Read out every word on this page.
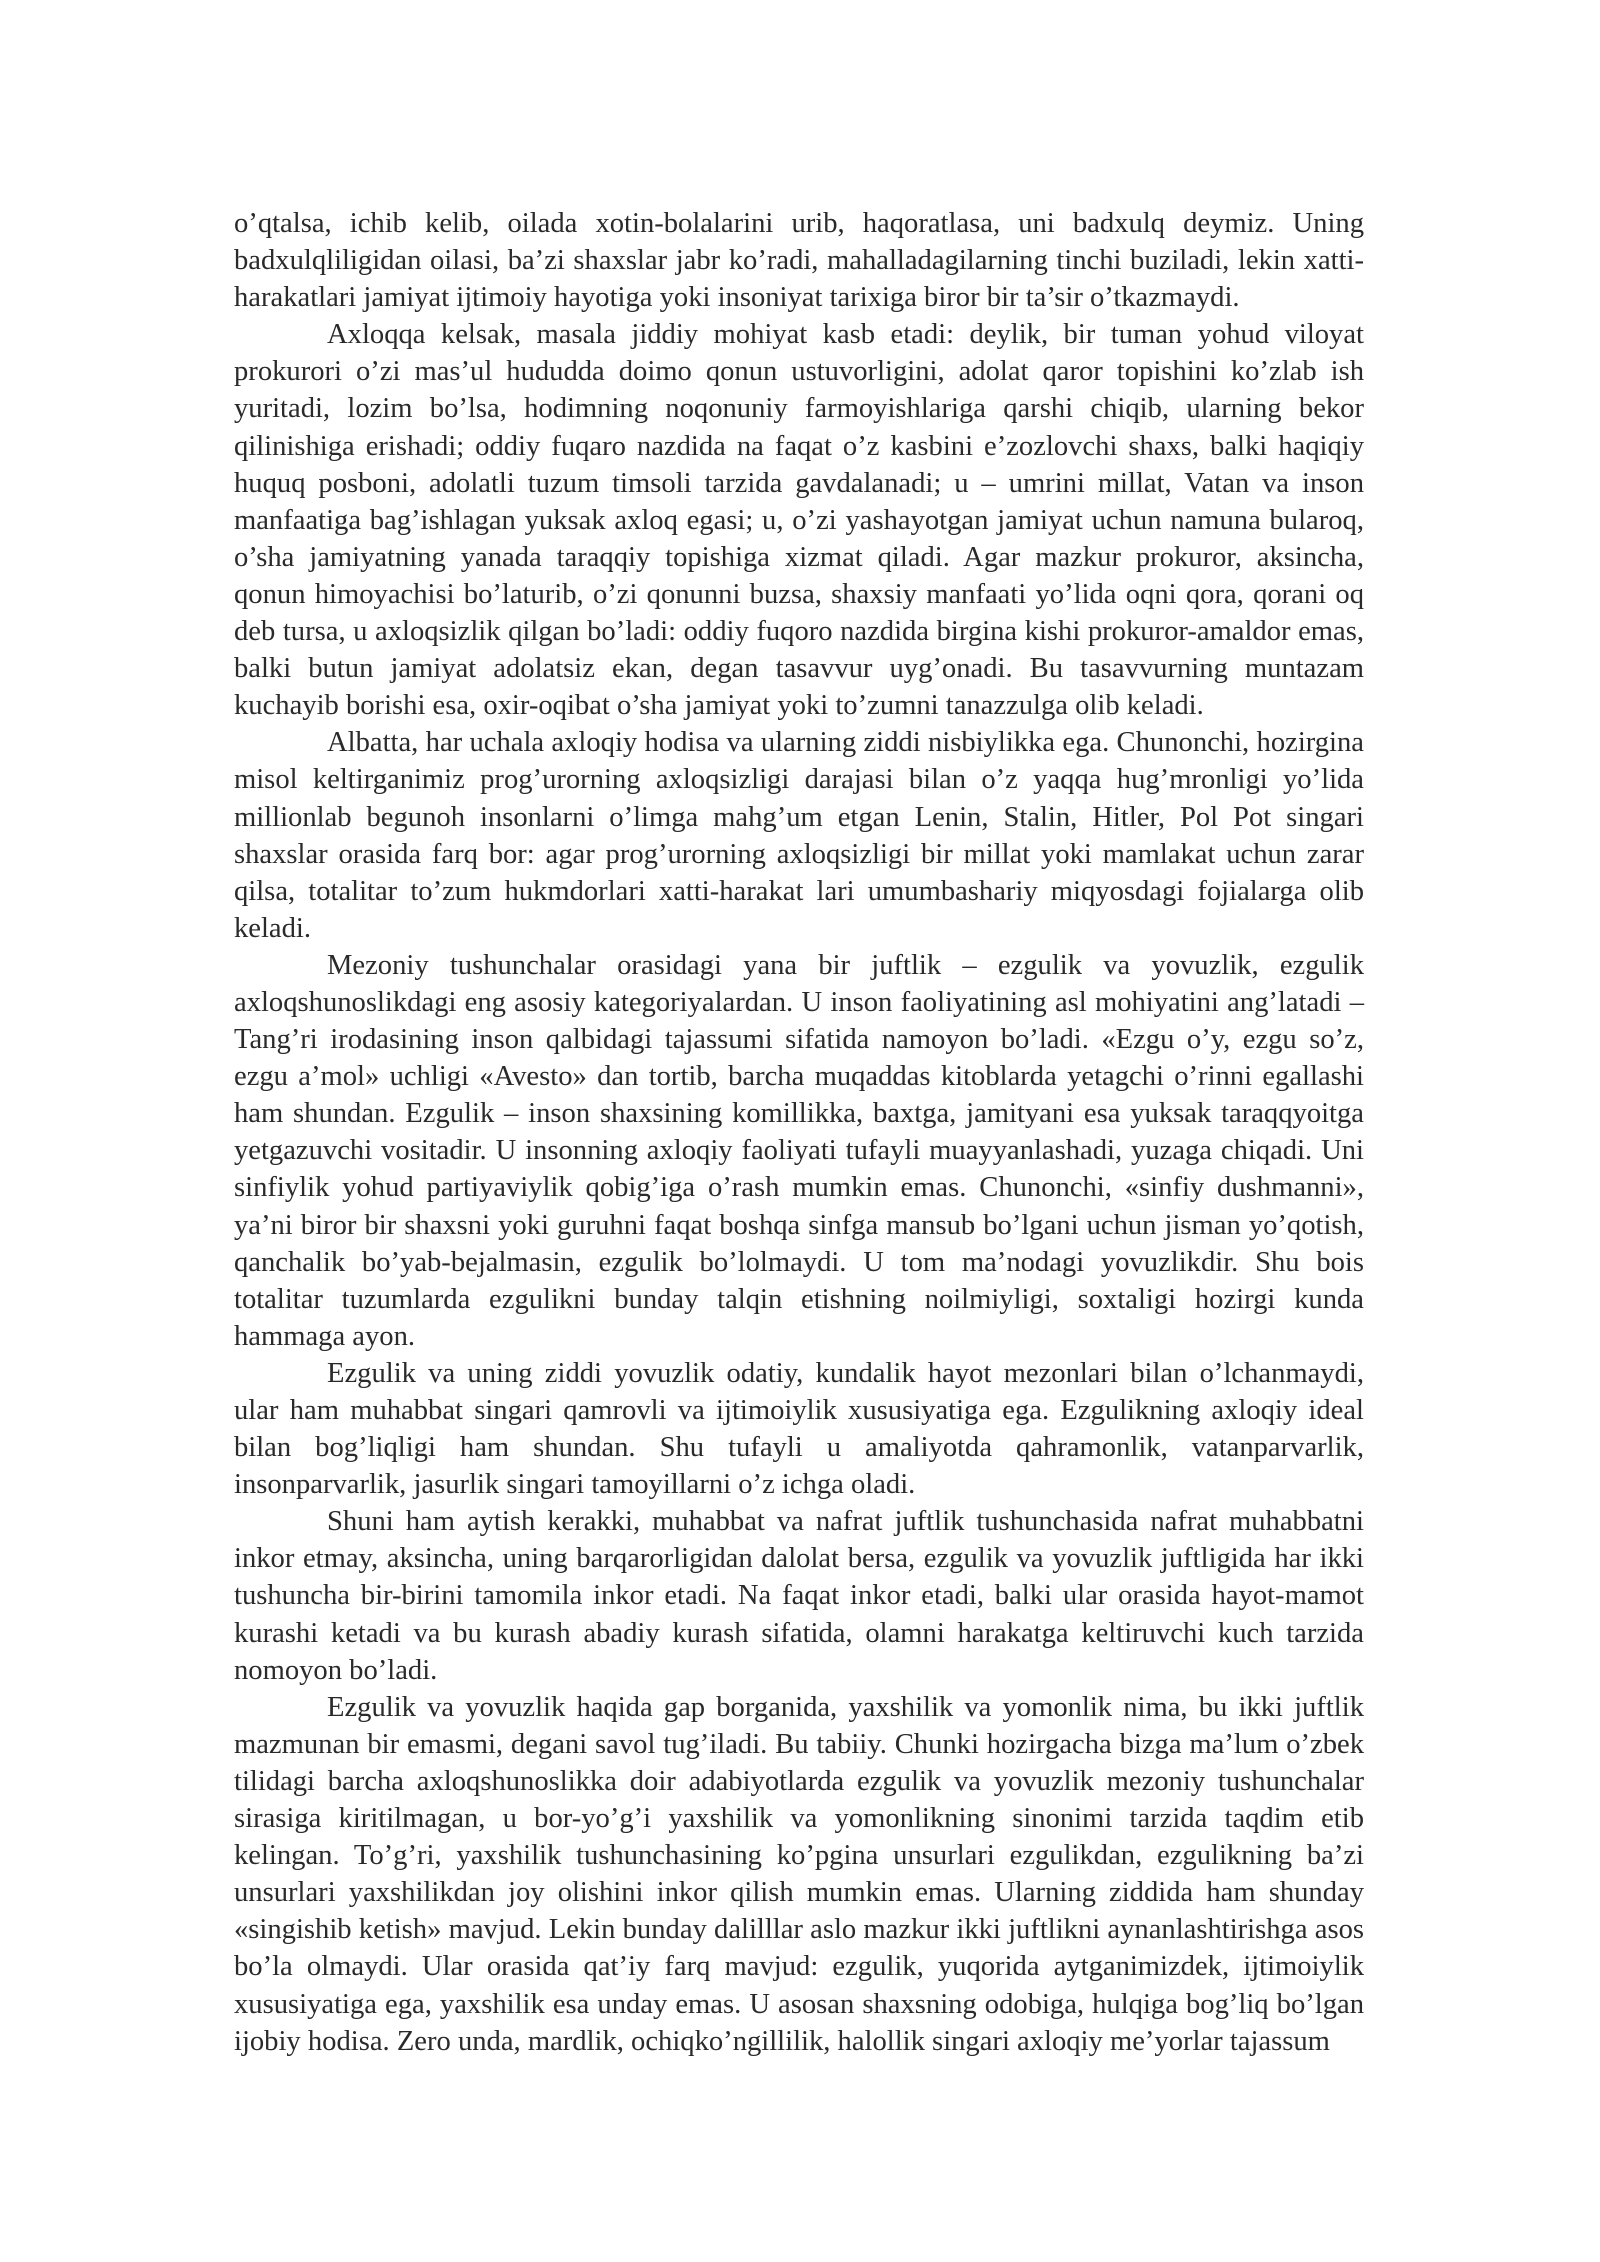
o’qtalsa, ichib kelib, oilada xotin-bolalarini urib, haqoratlasa, uni badxulq deymiz. Uning badxulqliligidan oilasi, ba’zi shaxslar jabr ko’radi, mahalladagilarning tinchi buziladi, lekin xatti-harakatlari jamiyat ijtimoiy hayotiga yoki insoniyat tarixiga biror bir ta’sir o’tkazmaydi.

Axloqqa kelsak, masala jiddiy mohiyat kasb etadi: deylik, bir tuman yohud viloyat prokurori o’zi mas’ul hududda doimo qonun ustuvorligini, adolat qaror topishini ko’zlab ish yuritadi, lozim bo’lsa, hodimning noqonuniy farmoyishlariga qarshi chiqib, ularning bekor qilinishiga erishadi; oddiy fuqaro nazdida na faqat o’z kasbini e’zozlovchi shaxs, balki haqiqiy huquq posboni, adolatli tuzum timsoli tarzida gavdalanadi; u – umrini millat, Vatan va inson manfaatiga bag’ishlagan yuksak axloq egasi; u, o’zi yashayotgan jamiyat uchun namuna bularoq, o’sha jamiyatning yanada taraqqiy topishiga xizmat qiladi. Agar mazkur prokuror, aksincha, qonun himoyachisi bo’laturib, o’zi qonunni buzsa, shaxsiy manfaati yo’lida oqni qora, qorani oq deb tursa, u axloqsizlik qilgan bo’ladi: oddiy fuqoro nazdida birgina kishi prokuror-amaldor emas, balki butun jamiyat adolatsiz ekan, degan tasavvur uyg’onadi. Bu tasavvurning muntazam kuchayib borishi esa, oxir-oqibat o’sha jamiyat yoki to’zumni tanazzulga olib keladi.

Albatta, har uchala axloqiy hodisa va ularning ziddi nisbiylikka ega. Chunonchi, hozirgina misol keltirganimiz prog’urorning axloqsizligi darajasi bilan o’z yaqqa hug’mronligi yo’lida millionlab begunoh insonlarni o’limga mahg’um etgan Lenin, Stalin, Hitler, Pol Pot singari shaxslar orasida farq bor: agar prog’urorning axloqsizligi bir millat yoki mamlakat uchun zarar qilsa, totalitar to’zum hukmdorlari xatti-harakat lari umumbashariy miqyosdagi fojialarga olib keladi.

Mezoniy tushunchalar orasidagi yana bir juftlik – ezgulik va yovuzlik, ezgulik axloqshunoslikdagi eng asosiy kategoriyalardan. U inson faoliyatining asl mohiyatini ang’latadi – Tang’ri irodasining inson qalbidagi tajassumi sifatida namoyon bo’ladi. «Ezgu o’y, ezgu so’z, ezgu a’mol» uchligi «Avesto» dan tortib, barcha muqaddas kitoblarda yetagchi o’rinni egallashi ham shundan. Ezgulik – inson shaxsining komillikka, baxtga, jamityani esa yuksak taraqqyoitga yetgazuvchi vositadir. U insonning axloqiy faoliyati tufayli muayyanlashadi, yuzaga chiqadi. Uni sinfiylik yohud partiyaviylik qobig’iga o’rash mumkin emas. Chunonchi, «sinfiy dushmanni», ya’ni biror bir shaxsni yoki guruhni faqat boshqa sinfga mansub bo’lgani uchun jisman yo’qotish, qanchalik bo’yab-bejalmasin, ezgulik bo’lolmaydi. U tom ma’nodagi yovuzlikdir. Shu bois totalitar tuzumlarda ezgulikni bunday talqin etishning noilmiyligi, soxtaligi hozirgi kunda hammaga ayon.

Ezgulik va uning ziddi yovuzlik odatiy, kundalik hayot mezonlari bilan o’lchanmaydi, ular ham muhabbat singari qamrovli va ijtimoiylik xususiyatiga ega. Ezgulikning axloqiy ideal bilan bog’liqligi ham shundan. Shu tufayli u amaliyotda qahramonlik, vatanparvarlik, insonparvarlik, jasurlik singari tamoyillarni o’z ichga oladi.

Shuni ham aytish kerakki, muhabbat va nafrat juftlik tushunchasida nafrat muhabbatni inkor etmay, aksincha, uning barqarorligidan dalolat bersa, ezgulik va yovuzlik juftligida har ikki tushuncha bir-birini tamomila inkor etadi. Na faqat inkor etadi, balki ular orasida hayot-mamot kurashi ketadi va bu kurash abadiy kurash sifatida, olamni harakatga keltiruvchi kuch tarzida nomoyon bo’ladi.

Ezgulik va yovuzlik haqida gap borganida, yaxshilik va yomonlik nima, bu ikki juftlik mazmunan bir emasmi, degani savol tug’iladi. Bu tabiiy. Chunki hozirgacha bizga ma’lum o’zbek tilidagi barcha axloqshunoslikka doir adabiyotlarda ezgulik va yovuzlik mezoniy tushunchalar sirasiga kiritilmagan, u bor-yo’g’i yaxshilik va yomonlikning sinonimi tarzida taqdim etib kelingan. To’g’ri, yaxshilik tushunchasining ko’pgina unsurlari ezgulikdan, ezgulikning ba’zi unsurlari yaxshilikdan joy olishini inkor qilish mumkin emas. Ularning ziddida ham shunday «singishib ketish» mavjud. Lekin bunday dalilllar aslo mazkur ikki juftlikni aynanlashtirishga asos bo’la olmaydi. Ular orasida qat’iy farq mavjud: ezgulik, yuqorida aytganimizdek, ijtimoiylik xususiyatiga ega, yaxshilik esa unday emas. U asosan shaxsning odobiga, hulqiga bog’liq bo’lgan ijobiy hodisa. Zero unda, mardlik, ochiqko’ngillilik, halollik singari axloqiy me’yorlar tajassum
